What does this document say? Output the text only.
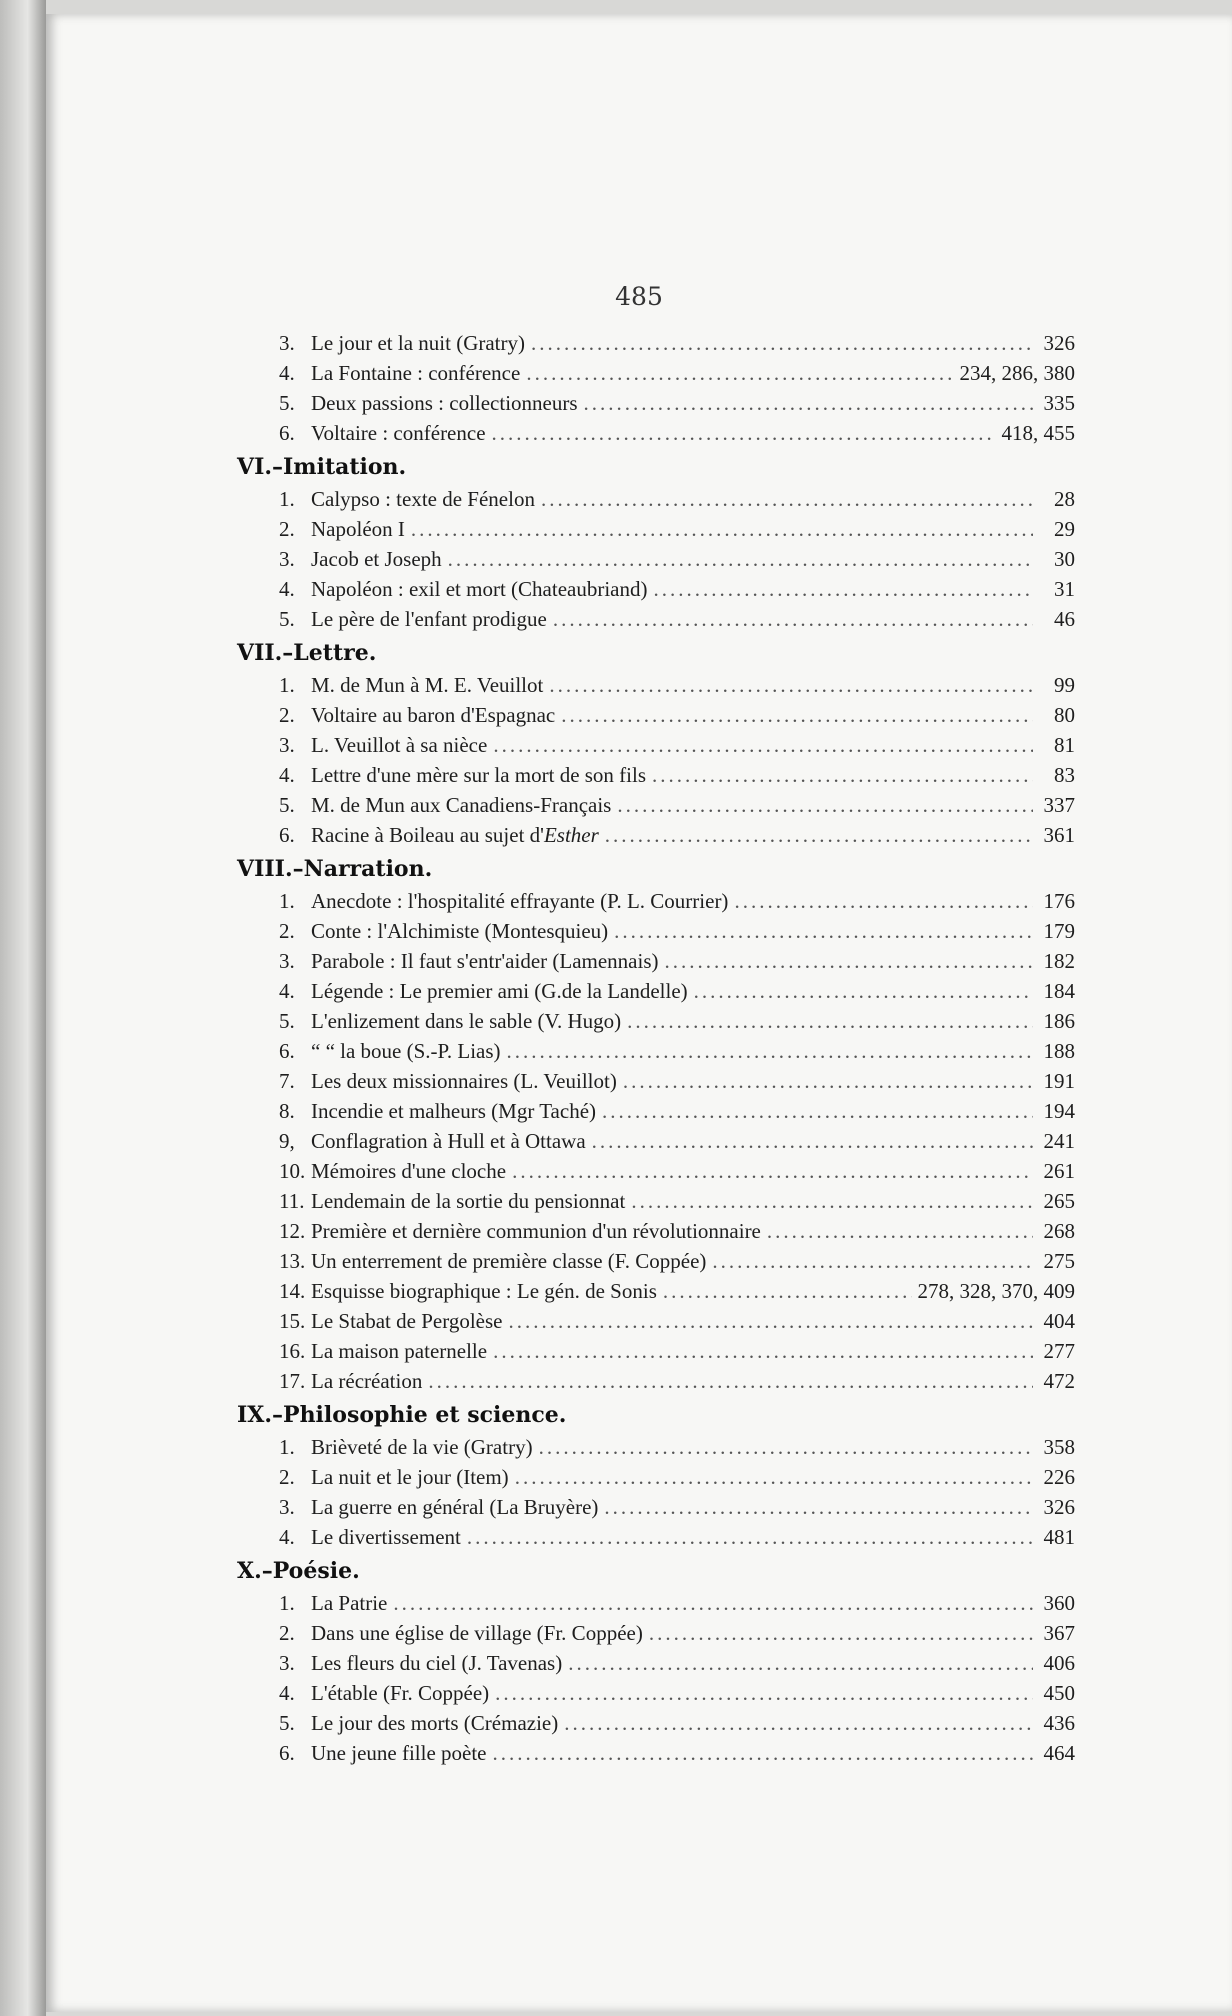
485
3. Le jour et la nuit (Gratry) .....	326
4. La Fontaine : conférence .....	234, 286, 380
5. Deux passions : collectionneurs .....	335
6. Voltaire : conférence .....	418, 455
VI.–Imitation.
1. Calypso : texte de Fénelon .....	28
2. Napoléon I .....	29
3. Jacob et Joseph .....	30
4. Napoléon : exil et mort (Chateaubriand) .....	31
5. Le père de l'enfant prodigue .....	46
VII.–Lettre.
1. M. de Mun à M. E. Veuillot .....	99
2. Voltaire au baron d'Espagnac .....	80
3. L. Veuillot à sa nièce .....	81
4. Lettre d'une mère sur la mort de son fils .....	83
5. M. de Mun aux Canadiens-Français .....	337
6. Racine à Boileau au sujet d'Esther .....	361
VIII.–Narration.
1. Anecdote : l'hospitalité effrayante (P. L. Courrier) .....	176
2. Conte : l'Alchimiste (Montesquieu) .....	179
3. Parabole : Il faut s'entr'aider (Lamennais) .....	182
4. Légende : Le premier ami (G.de la Landelle) .....	184
5. L'enlizement dans le sable (V. Hugo) .....	186
6. “ “ la boue (S.-P. Lias) .....	188
7. Les deux missionnaires (L. Veuillot) .....	191
8. Incendie et malheurs (Mgr Taché) .....	194
9, Conflagration à Hull et à Ottawa .....	241
10. Mémoires d'une cloche .....	261
11. Lendemain de la sortie du pensionnat .....	265
12. Première et dernière communion d'un révolutionnaire .....	268
13. Un enterrement de première classe (F. Coppée) .....	275
14. Esquisse biographique : Le gén. de Sonis .....	278, 328, 370, 409
15. Le Stabat de Pergolèse .....	404
16. La maison paternelle .....	277
17. La récréation .....	472
IX.–Philosophie et science.
1. Brièveté de la vie (Gratry) .....	358
2. La nuit et le jour (Item) .....	226
3. La guerre en général (La Bruyère) .....	326
4. Le divertissement .....	481
X.–Poésie.
1. La Patrie .....	360
2. Dans une église de village (Fr. Coppée) .....	367
3. Les fleurs du ciel (J. Tavenas) .....	406
4. L'étable (Fr. Coppée) .....	450
5. Le jour des morts (Crémazie) .....	436
6. Une jeune fille poète .....	464
